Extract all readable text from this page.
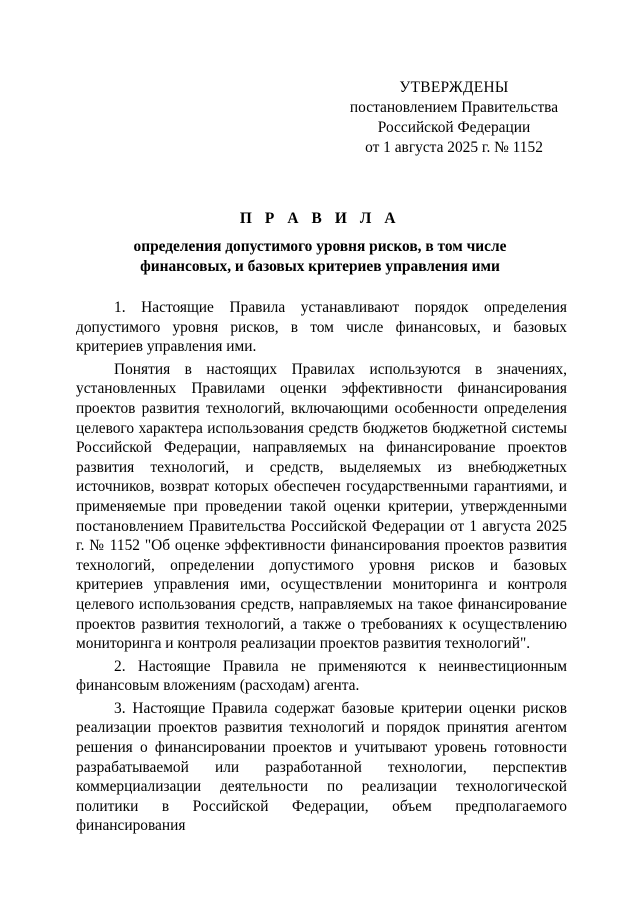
УТВЕРЖДЕНЫ
постановлением Правительства
Российской Федерации
от 1 августа 2025 г. № 1152
П Р А В И Л А
определения допустимого уровня рисков, в том числе
финансовых, и базовых критериев управления ими

1. Настоящие Правила устанавливают порядок определения допустимого уровня рисков, в том числе финансовых, и базовых критериев управления ими.

Понятия в настоящих Правилах используются в значениях, установленных Правилами оценки эффективности финансирования проектов развития технологий, включающими особенности определения целевого характера использования средств бюджетов бюджетной системы Российской Федерации, направляемых на финансирование проектов развития технологий, и средств, выделяемых из внебюджетных источников, возврат которых обеспечен государственными гарантиями, и применяемые при проведении такой оценки критерии, утвержденными постановлением Правительства Российской Федерации от 1 августа 2025 г. № 1152 "Об оценке эффективности финансирования проектов развития технологий, определении допустимого уровня рисков и базовых критериев управления ими, осуществлении мониторинга и контроля целевого использования средств, направляемых на такое финансирование проектов развития технологий, а также о требованиях к осуществлению мониторинга и контроля реализации проектов развития технологий".

2. Настоящие Правила не применяются к неинвестиционным финансовым вложениям (расходам) агента.

3. Настоящие Правила содержат базовые критерии оценки рисков реализации проектов развития технологий и порядок принятия агентом решения о финансировании проектов и учитывают уровень готовности разрабатываемой или разработанной технологии, перспектив коммерциализации деятельности по реализации технологической политики в Российской Федерации, объем предполагаемого финансирования
